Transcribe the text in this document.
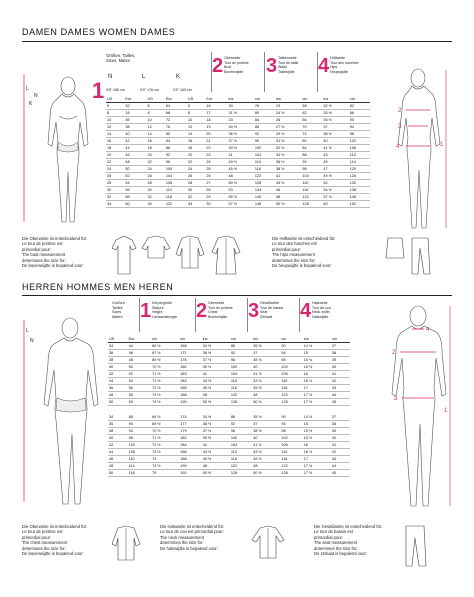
DAMEN DAMES WOMEN DAMES
Größen, Tailles,
Sizes, Maten
1
N	L	K
5'8" 168 cm	5'9" 176 cm	5'3" 160 cm
2 Oberweite
Tour de poitrine
Bust
Bovenwijdte 3 Taillenweite
Tour de taille
Waist
Tailewijdte 4 Hüftweite
Tour des hanches
Hips
Heupwijdte
US	Eur.	US	Eur.	US	Eur.	ins	cm	ins	cm	ins	cm
6	32	8	64	6	16	30	76	23	58	32 ½	82
8	34	8	68	8	17	31 ½	80	24 ½	62	33 ½	86
10	36	10	72	10	18	33	84	26	66	35 ½	90
12	38	12	76	12	19	34 ½	88	27 ½	70	37	94
14	40	14	80	14	20	36 ½	92	29 ½	74	38 ½	98
16	42	16	84	16	21	37 ½	96	31 ½	80	40	102
18	44	18	88	18	22	39 ½	100	32 ½	84	41 ½	106
20	46	20	92	20	23	41	104	34 ½	88	43	110
22	48	22	96	22	24	43 ½	110	36 ½	94	45	114
24	50	24	100	24	25	45 ½	116	38 ½	98	47	120
26	52	26	104	26	26	48	122	41	104	49 ½	126
28	54	28	108	28	27	50 ½	128	43 ½	110	52	132
30	56	30	112	30	28	53	134	46	116	54 ½	138
32	58	32	118	32	29	55 ½	140	48	122	57 ½	146
34	60	34	122	34	30	57 ½	146	50 ½	128	60	152
L
N
K
2
3
4	1
Die Oberweite ist entscheidend für:
Le tour de poitrine est
primordial pour:
The bust measurement
determines the size for:
De bovenwijdte is bepalend voor:
Die Hüftweite ist entscheidend für:
Le tour des hanches est
primordial pour:
The hips measurement
determines the size for:
De heupwijdte is bepalend voor:
HERREN HOMMES MEN HEREN
Größen
Tailles
Sizes
Maten 1 Körpergröße
Stature
Height
Lichaamslengte 2 Oberweite
Tour de poitrine
Chest
Bovenwijdte 3 Gesäßweite
Tour de bassin
Seat
Zitmaat	4 Halsweite
Tour de cou
Neck width
Halswijdte
US	Eur.	ins	cm	ins	cm	ins	cm	ins	cm
34	44	66 ½	168	34 ½	88	35 ½	90	14 ½	37
36	46	67 ½	171	36 ½	92	37	94	15	38
38	48	69 ½	176	37 ½	96	38 ½	98	15 ½	39
40	50	70 ½	180	39 ½	100	40	102	15 ½	40
42	52	71 ½	183	41	104	41 ½	106	16	41
44	54	71 ½	183	43 ½	110	43 ½	110	16 ½	42
46	56	72 ½	185	45 ½	116	45 ½	116	17	43
48	58	74 ½	188	48	122	48	122	17 ½	44
50	60	74 ½	190	50 ½	128	50 ½	128	17 ½	45

34	88	68 ½	174	34 ½	88	35 ½	90	14 ½	37
36	90	69 ½	177	36 ½	92	37	94	15	38
38	94	70 ½	179	37 ½	96	38 ½	98	15 ½	39
40	98	71 ½	182	39 ½	100	40	102	15 ½	40
42	102	72 ½	184	41	104	41 ½	106	16	41
44	106	73 ½	186	43 ½	110	43 ½	110	16 ½	42
46	110	74	188	45 ½	116	45 ½	116	17	43
48	114	74 ½	190	48	122	48	122	17 ½	44
50	118	75	192	50 ½	128	50 ½	128	17 ½	45
L
N
4
2
3
1
Die Oberweite ist entscheidend für:
Le tour de poitrine est
primordial pour:
The chest measurement
determines the size for:
De bovenwijdte is bepalend voor:
Die Halsweite ist entscheidend für:
Le tour de cou est primordial pour:
The neck measurement
determines the size for:
De halswijdte is bepalend voor:
Die Gesäßweite ist entscheidend für:
Le tour de bassin est
primordial pour:
The seat measurement
determines the size for:
De zitmaat is bepalend voor:
